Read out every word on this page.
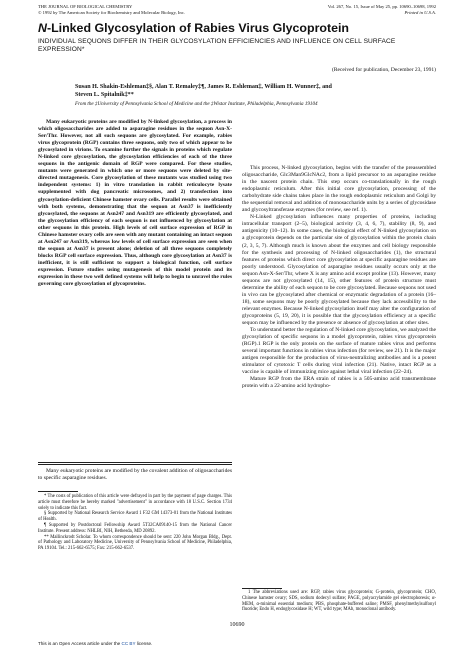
THE JOURNAL OF BIOLOGICAL CHEMISTRY
© 1992 by The American Society for Biochemistry and Molecular Biology, Inc.
Vol. 267, No. 15, Issue of May 25, pp. 10690–10698, 1992
Printed in U.S.A.
N-Linked Glycosylation of Rabies Virus Glycoprotein
INDIVIDUAL SEQUONS DIFFER IN THEIR GLYCOSYLATION EFFICIENCIES AND INFLUENCE ON CELL SURFACE EXPRESSION*
(Received for publication, December 23, 1991)
Susan H. Shakin-Eshleman‡§, Alan T. Remaley‡¶, James R. Eshleman‡, William H. Wunner‡, and
Steven L. Spitalnik‡**
From the ‡University of Pennsylvania School of Medicine and the ‡Wistar Institute, Philadelphia, Pennsylvania 19104
Many eukaryotic proteins are modified by N-linked glycosylation, a process in which oligosaccharides are added to asparagine residues in the sequon Asn-X-Ser/Thr. However, not all such sequons are glycosylated. For example, rabies virus glycoprotein (RGP) contains three sequons, only two of which appear to be glycosylated in virions. To examine further the signals in proteins which regulate N-linked core glycosylation, the glycosylation efficiencies of each of the three sequons in the antigenic domain of RGP were compared. For these studies, mutants were generated in which one or more sequons were deleted by site-directed mutagenesis. Core glycosylation of these mutants was studied using two independent systems: 1) in vitro translation in rabbit reticulocyte lysate supplemented with dog pancreatic microsomes, and 2) transfection into glycosylation-deficient Chinese hamster ovary cells. Parallel results were obtained with both systems, demonstrating that the sequon at Asn37 is inefficiently glycosylated, the sequons at Asn247 and Asn319 are efficiently glycosylated, and the glycosylation efficiency of each sequon is not influenced by glycosylation at other sequons in this protein. High levels of cell surface expression of RGP in Chinese hamster ovary cells are seen with any mutant containing an intact sequon at Asn247 or Asn319, whereas low levels of cell surface expression are seen when the sequon at Asn37 is present alone; deletion of all three sequons completely blocks RGP cell surface expression. Thus, although core glycosylation at Asn37 is inefficient, it is still sufficient to support a biological function, cell surface expression. Future studies using mutagenesis of this model protein and its expression in these two well defined systems will help to begin to unravel the rules governing core glycosylation of glycoproteins.
Many eukaryotic proteins are modified by the covalent addition of oligosaccharides to specific asparagine residues.

* The costs of publication of this article were defrayed in part by the payment of page charges. This article must therefore be hereby marked "advertisement" in accordance with 18 U.S.C. Section 1734 solely to indicate this fact.

§ Supported by National Research Service Award 1 F32 GM 14373-01 from the National Institutes of Health.

¶ Supported by Postdoctoral Fellowship Award 5T32CA09140-15 from the National Cancer Institute. Present address: NHLBI, NIH, Bethesda, MD 20892.

** Mallinckrodt Scholar. To whom correspondence should be sent: 220 John Morgan Bldg., Dept. of Pathology and Laboratory Medicine, University of Pennsylvania School of Medicine, Philadelphia, PA 19104. Tel.: 215-662-6575; Fax: 215-662-6537.

This process, N-linked glycosylation, begins with the transfer of the preassembled oligosaccharide, Glc3Man9GlcNAc2, from a lipid precursor to an asparagine residue in the nascent protein chain. This step occurs co-translationally in the rough endoplasmic reticulum. After this initial core glycosylation, processing of the carbohydrate side chains takes place in the rough endoplasmic reticulum and Golgi by the sequential removal and addition of monosaccharide units by a series of glycosidase and glycosyltransferase enzymes (for review, see ref. 1).

N-Linked glycosylation influences many properties of proteins, including intracellular transport (2–5), biological activity (3, 4, 6, 7), stability (8, 9), and antigenicity (10–12). In some cases, the biological effect of N-linked glycosylation on a glycoprotein depends on the particular site of glycosylation within the protein chain (2, 3, 5, 7). Although much is known about the enzymes and cell biology responsible for the synthesis and processing of N-linked oligosaccharides (1), the structural features of proteins which direct core glycosylation at specific asparagine residues are poorly understood. Glycosylation of asparagine residues usually occurs only at the sequon Asn-X-Ser/Thr, where X is any amino acid except proline (13). However, many sequons are not glycosylated (14, 15), other features of protein structure must determine the ability of each sequon to be core glycosylated. Because sequons not used in vivo can be glycosylated after chemical or enzymatic degradation of a protein (16–18), some sequons may be poorly glycosylated because they lack accessibility to the relevant enzymes. Because N-linked glycosylation itself may alter the configuration of glycoproteins (5, 19, 20), it is possible that the glycosylation efficiency at a specific sequon may be influenced by the presence or absence of glycosylation at other sites.

To understand better the regulation of N-linked core glycosylation, we analyzed the glycosylation of specific sequons in a model glycoprotein, rabies virus glycoprotein (RGP).1 RGP is the only protein on the surface of mature rabies virus and performs several important functions in rabies virus infection (for review, see 21). It is the major antigen responsible for the production of virus-neutralizing antibodies and is a potent stimulator of cytotoxic T cells during viral infection (21). Native, intact RGP as a vaccine is capable of immunizing mice against lethal viral infection (22–24).

Mature RGP from the ERA strain of rabies is a 505-amino acid transmembrane protein with a 22-amino acid hydropho-

1 The abbreviations used are: RGP, rabies virus glycoprotein; G-protein, glycoprotein; CHO, Chinese hamster ovary; SDS, sodium dodecyl sulfate; PAGE, polyacrylamide gel electrophoresis; α-MEM, α-minimal essential medium; PBS, phosphate-buffered saline; PMSF, phenylmethylsulfonyl fluoride; Endo H, endoglycosidase H; WT, wild type; MAb, monoclonal antibody.
10690
This is an Open Access article under the CC BY license.
